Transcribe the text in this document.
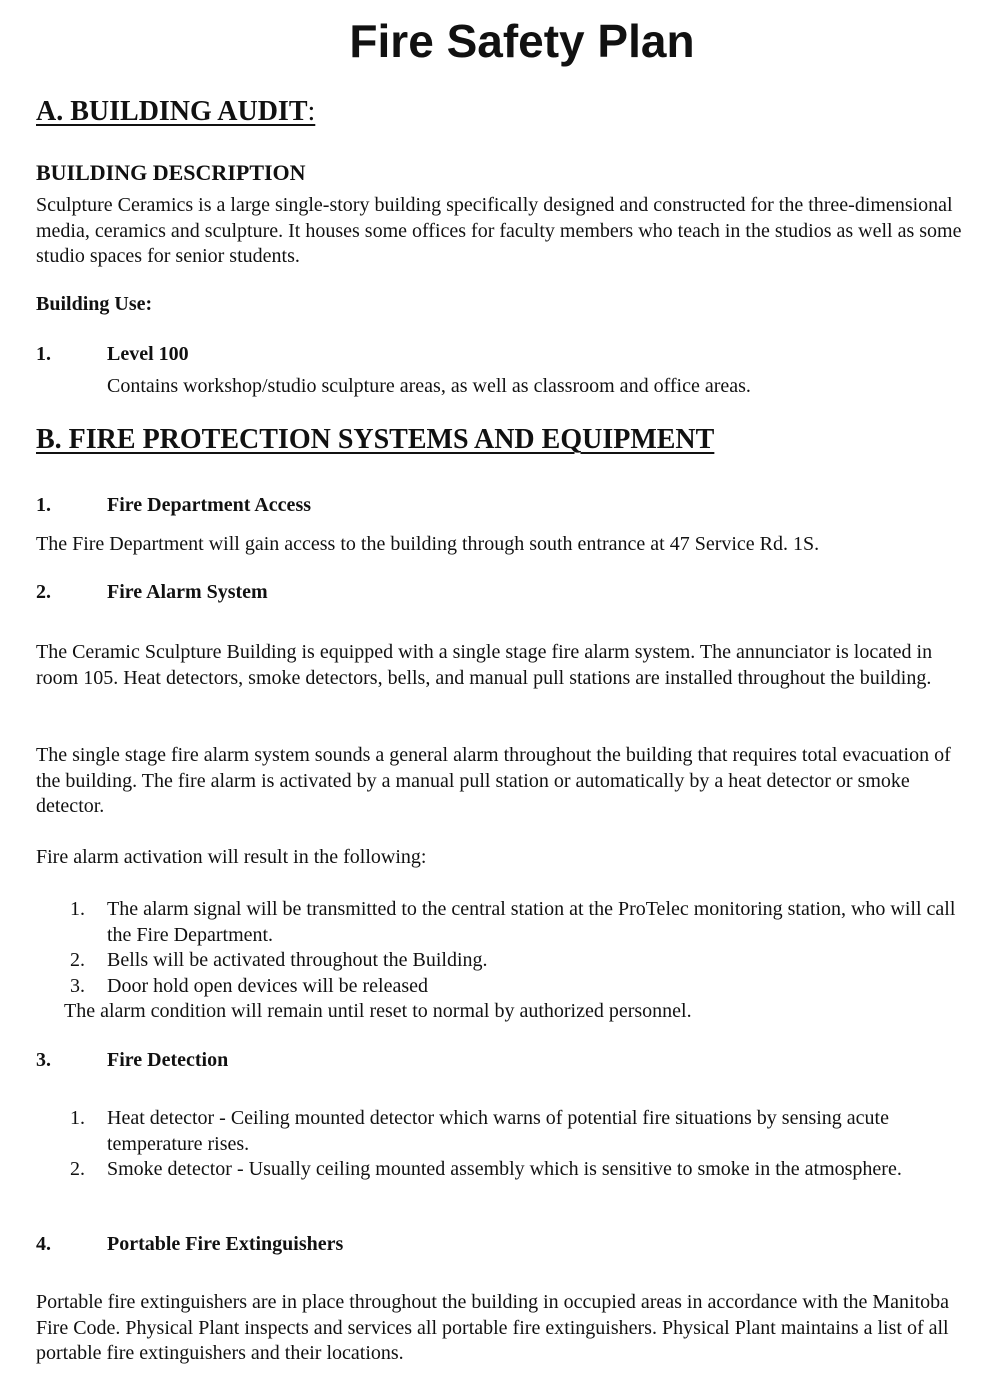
Fire Safety Plan
A. BUILDING AUDIT:
BUILDING DESCRIPTION
Sculpture Ceramics is a large single-story building specifically designed and constructed for the three-dimensional media, ceramics and sculpture. It houses some offices for faculty members who teach in the studios as well as some studio spaces for senior students.
Building Use:
1.	Level 100
Contains workshop/studio sculpture areas, as well as classroom and office areas.
B. FIRE PROTECTION SYSTEMS AND EQUIPMENT
1.	Fire Department Access
The Fire Department will gain access to the building through south entrance at 47 Service Rd. 1S.
2.	Fire Alarm System
The Ceramic Sculpture Building is equipped with a single stage fire alarm system. The annunciator is located in room 105. Heat detectors, smoke detectors, bells, and manual pull stations are installed throughout the building.
The single stage fire alarm system sounds a general alarm throughout the building that requires total evacuation of the building. The fire alarm is activated by a manual pull station or automatically by a heat detector or smoke detector.
Fire alarm activation will result in the following:
1. The alarm signal will be transmitted to the central station at the ProTelec monitoring station, who will call the Fire Department.
2. Bells will be activated throughout the Building.
3. Door hold open devices will be released
The alarm condition will remain until reset to normal by authorized personnel.
3.	Fire Detection
1. Heat detector - Ceiling mounted detector which warns of potential fire situations by sensing acute temperature rises.
2. Smoke detector - Usually ceiling mounted assembly which is sensitive to smoke in the atmosphere.
4.	Portable Fire Extinguishers
Portable fire extinguishers are in place throughout the building in occupied areas in accordance with the Manitoba Fire Code. Physical Plant inspects and services all portable fire extinguishers. Physical Plant maintains a list of all portable fire extinguishers and their locations.
